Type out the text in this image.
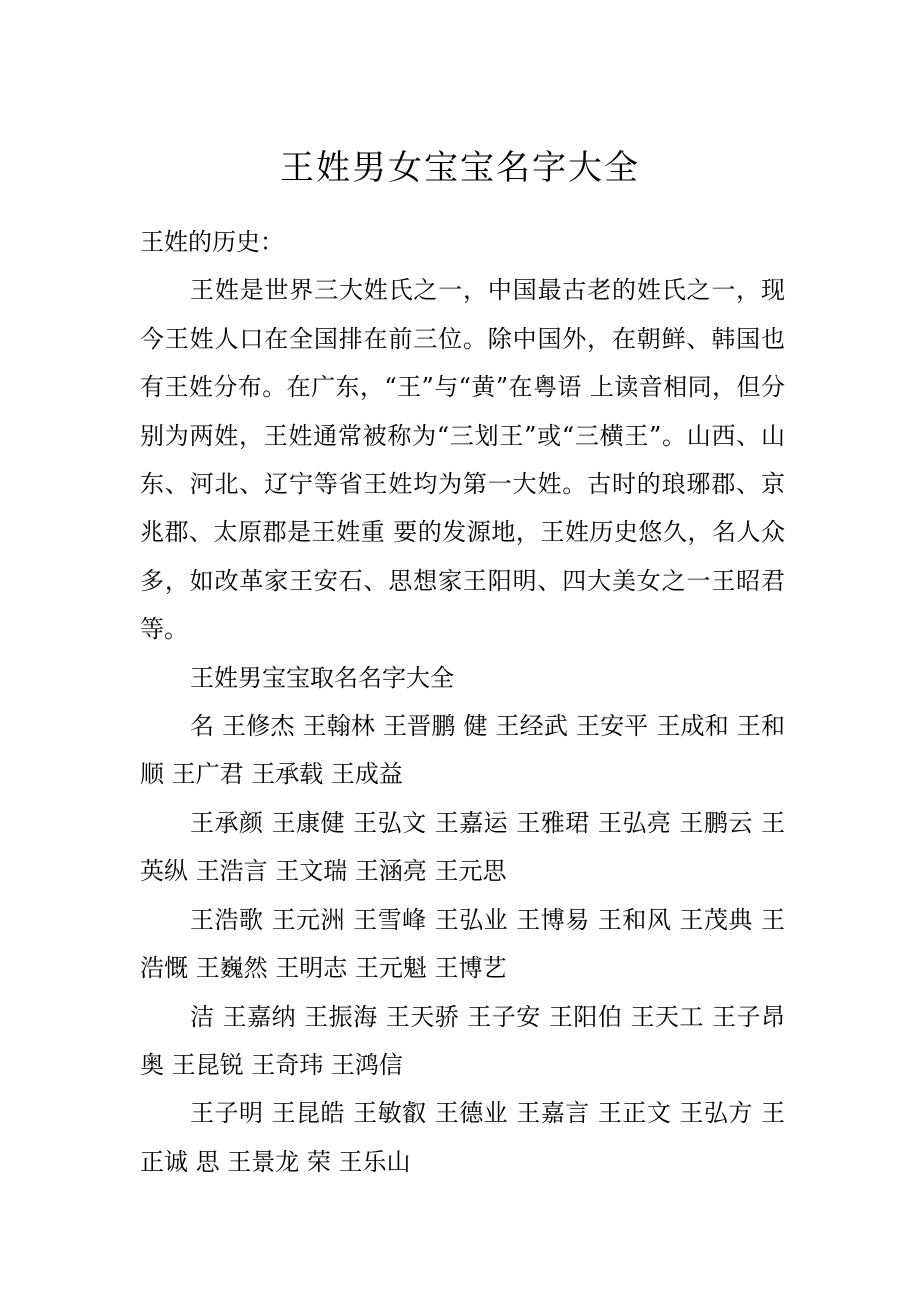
王姓男女宝宝名字大全

王姓的历史：

王姓是世界三大姓氏之一，中国最古老的姓氏之一，现今王姓人口在全国排在前三位。除中国外，在朝鲜、韩国也有王姓分布。在广东，“王”与“黄”在粤语 上读音相同，但分别为两姓，王姓通常被称为“三划王”或“三横王”。山西、山东、河北、辽宁等省王姓均为第一大姓。古时的琅琊郡、京兆郡、太原郡是王姓重 要的发源地，王姓历史悠久，名人众多，如改革家王安石、思想家王阳明、四大美女之一王昭君等。

王姓男宝宝取名名字大全

名 王修杰 王翰林 王晋鹏 健 王经武 王安平 王成和 王和顺 王广君 王承载 王成益

王承颜 王康健 王弘文 王嘉运 王雅珺 王弘亮 王鹏云 王英纵 王浩言 王文瑞 王涵亮 王元思

王浩歌 王元洲 王雪峰 王弘业 王博易 王和风 王茂典 王浩慨 王巍然 王明志 王元魁 王博艺

洁 王嘉纳 王振海 王天骄 王子安 王阳伯 王天工 王子昂 奥 王昆锐 王奇玮 王鸿信

王子明 王昆皓 王敏叡 王德业 王嘉言 王正文 王弘方 王正诚 思 王景龙 荣 王乐山
